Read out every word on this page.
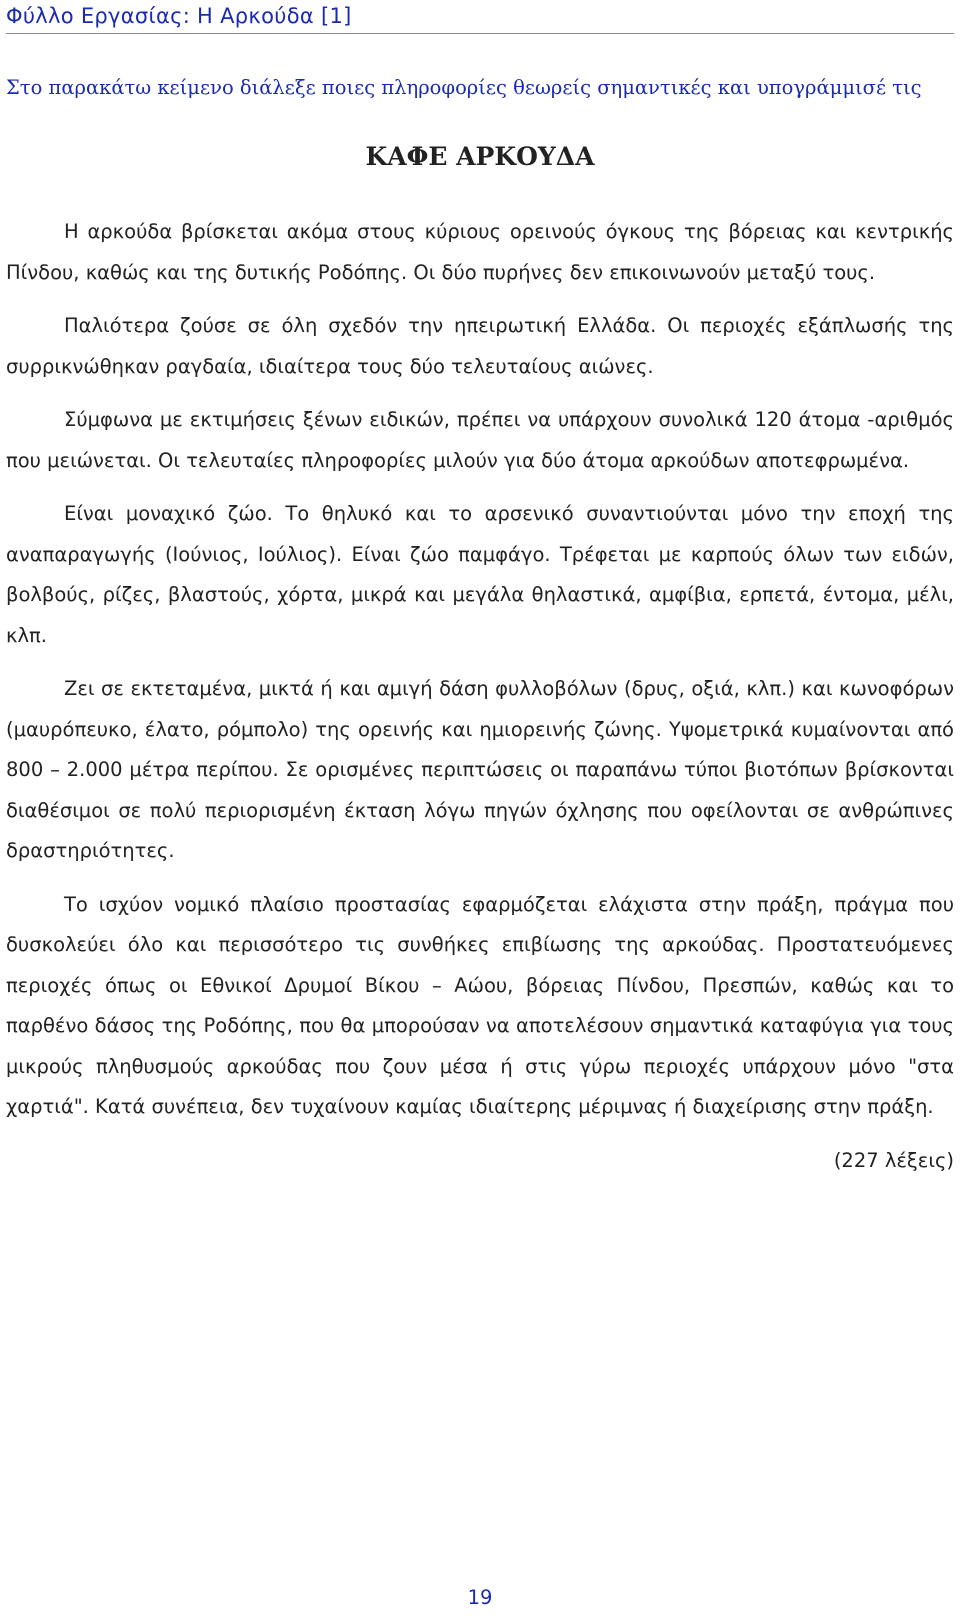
Φύλλο Εργασίας: Η Αρκούδα [1]
Στο παρακάτω κείμενο διάλεξε ποιες πληροφορίες θεωρείς σημαντικές και υπογράμμισέ τις
ΚΑΦΕ ΑΡΚΟΥΔΑ

Η αρκούδα βρίσκεται ακόμα στους κύριους ορεινούς όγκους της βόρειας και κεντρικής Πίνδου, καθώς και της δυτικής Ροδόπης. Οι δύο πυρήνες δεν επικοινωνούν μεταξύ τους.

Παλιότερα ζούσε σε όλη σχεδόν την ηπειρωτική Ελλάδα. Οι περιοχές εξάπλωσής της συρρικνώθηκαν ραγδαία, ιδιαίτερα τους δύο τελευταίους αιώνες.

Σύμφωνα με εκτιμήσεις ξένων ειδικών, πρέπει να υπάρχουν συνολικά 120 άτομα -αριθμός που μειώνεται. Οι τελευταίες πληροφορίες μιλούν για δύο άτομα αρκούδων αποτεφρωμένα.

Είναι μοναχικό ζώο. Το θηλυκό και το αρσενικό συναντιούνται μόνο την εποχή της αναπαραγωγής (Ιούνιος, Ιούλιος). Είναι ζώο παμφάγο. Τρέφεται με καρπούς όλων των ειδών, βολβούς, ρίζες, βλαστούς, χόρτα, μικρά και μεγάλα θηλαστικά, αμφίβια, ερπετά, έντομα, μέλι, κλπ.

Ζει σε εκτεταμένα, μικτά ή και αμιγή δάση φυλλοβόλων (δρυς, οξιά, κλπ.) και κωνοφόρων (μαυρόπευκο, έλατο, ρόμπολο) της ορεινής και ημιορεινής ζώνης. Υψομετρικά κυμαίνονται από 800 – 2.000 μέτρα περίπου. Σε ορισμένες περιπτώσεις οι παραπάνω τύποι βιοτόπων βρίσκονται διαθέσιμοι σε πολύ περιορισμένη έκταση λόγω πηγών όχλησης που οφείλονται σε ανθρώπινες δραστηριότητες.

Το ισχύον νομικό πλαίσιο προστασίας εφαρμόζεται ελάχιστα στην πράξη, πράγμα που δυσκολεύει όλο και περισσότερο τις συνθήκες επιβίωσης της αρκούδας. Προστατευόμενες περιοχές όπως οι Εθνικοί Δρυμοί Βίκου – Αώου, βόρειας Πίνδου, Πρεσπών, καθώς και το παρθένο δάσος της Ροδόπης, που θα μπορούσαν να αποτελέσουν σημαντικά καταφύγια για τους μικρούς πληθυσμούς αρκούδας που ζουν μέσα ή στις γύρω περιοχές υπάρχουν μόνο "στα χαρτιά". Κατά συνέπεια, δεν τυχαίνουν καμίας ιδιαίτερης μέριμνας ή διαχείρισης στην πράξη.

(227 λέξεις)
19
